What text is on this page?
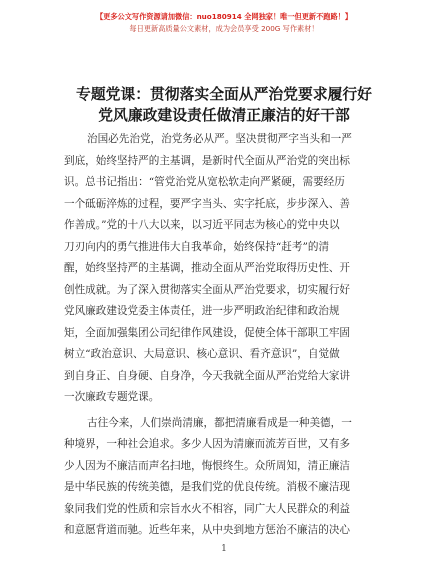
【更多公文写作资源请加微信：nuo180914 全网独家！唯一但更新不跑路！】
每日更新高质量公文素材，成为会员享受 200G 写作素材！
专题党课：贯彻落实全面从严治党要求履行好
党风廉政建设责任做清正廉洁的好干部
治国必先治党，治党务必从严。坚决贯彻严字当头和一严
到底，始终坚持严的主基调，是新时代全面从严治党的突出标
识。总书记指出：“管党治党从宽松软走向严紧硬，需要经历
一个砥砺淬炼的过程，要严字当头、实字托底，步步深入、善
作善成。”党的十八大以来，以习近平同志为核心的党中央以
刀刃向内的勇气推进伟大自我革命，始终保持“赶考”的清
醒，始终坚持严的主基调，推动全面从严治党取得历史性、开
创性成就。为了深入贯彻落实全面从严治党要求，切实履行好
党风廉政建设党委主体责任，进一步严明政治纪律和政治规
矩，全面加强集团公司纪律作风建设，促使全体干部职工牢固
树立“政治意识、大局意识、核心意识、看齐意识”，自觉做
到自身正、自身硬、自身净，今天我就全面从严治党给大家讲
一次廉政专题党课。
古往今来，人们崇尚清廉，都把清廉看成是一种美德，一
种境界，一种社会追求。多少人因为清廉而流芳百世，又有多
少人因为不廉洁而声名扫地，悔恨终生。众所周知，清正廉洁
是中华民族的传统美德，是我们党的优良传统。消极不廉洁现
象同我们党的性质和宗旨水火不相容，同广大人民群众的利益
和意愿背道而驰。近些年来，从中央到地方惩治不廉洁的决心
1
